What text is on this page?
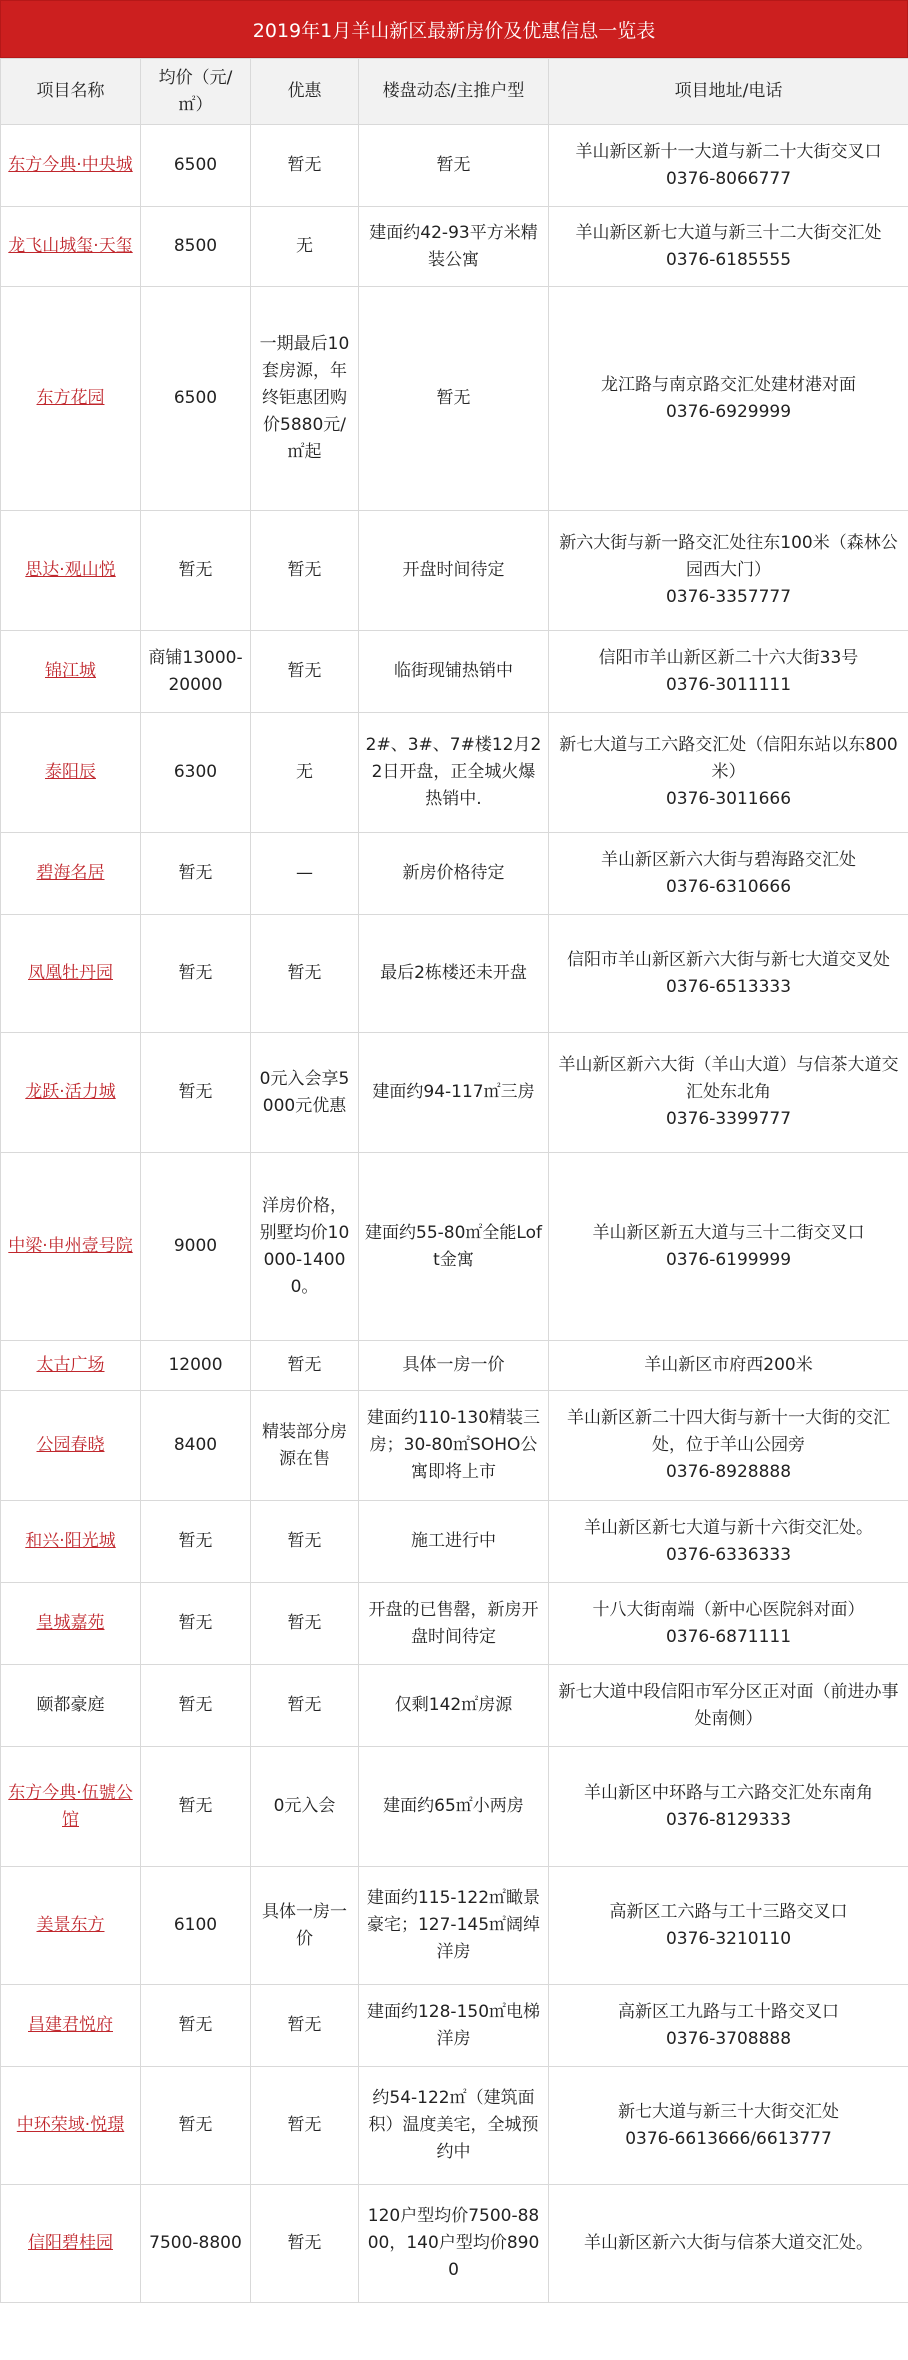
2019年1月羊山新区最新房价及优惠信息一览表
项目名称	均价（元/㎡）	优惠	楼盘动态/主推户型	项目地址/电话
东方今典·中央城	6500	暂无	暂无	羊山新区新十一大道与新二十大街交叉口
0376-8066777

龙飞山城玺·天玺	8500	无	建面约42-93平方米精装公寓	羊山新区新七大道与新三十二大街交汇处
0376-6185555

东方花园	6500	一期最后10套房源，年终钜惠团购价5880元/㎡起	暂无	龙江路与南京路交汇处建材港对面
0376-6929999

思达·观山悦	暂无	暂无	开盘时间待定	新六大街与新一路交汇处往东100米（森林公园西大门）
0376-3357777

锦江城	商铺13000-20000	暂无	临街现铺热销中	信阳市羊山新区新二十六大街33号
0376-3011111

泰阳辰	6300	无	2#、3#、7#楼12月22日开盘，正全城火爆热销中.	新七大道与工六路交汇处（信阳东站以东800米）
0376-3011666

碧海名居	暂无	—	新房价格待定	羊山新区新六大街与碧海路交汇处
0376-6310666

凤凰牡丹园	暂无	暂无	最后2栋楼还未开盘	信阳市羊山新区新六大街与新七大道交叉处
0376-6513333

龙跃·活力城	暂无	0元入会享5000元优惠	建面约94-117㎡三房	羊山新区新六大街（羊山大道）与信茶大道交汇处东北角
0376-3399777

中梁·申州壹号院	9000	洋房价格，别墅均价10000-14000。	建面约55-80㎡全能Loft金寓	羊山新区新五大道与三十二街交叉口
0376-6199999

太古广场	12000	暂无	具体一房一价	羊山新区市府西200米

公园春晓	8400	精装部分房源在售	建面约110-130精装三房；30-80㎡SOHO公寓即将上市	羊山新区新二十四大街与新十一大街的交汇处，位于羊山公园旁
0376-8928888

和兴·阳光城	暂无	暂无	施工进行中	羊山新区新七大道与新十六街交汇处。
0376-6336333

皇城嘉苑	暂无	暂无	开盘的已售罄，新房开盘时间待定	十八大街南端（新中心医院斜对面）
0376-6871111

颐都豪庭	暂无	暂无	仅剩142㎡房源	新七大道中段信阳市军分区正对面（前进办事处南侧）

东方今典·伍號公馆	暂无	0元入会	建面约65㎡小两房	羊山新区中环路与工六路交汇处东南角
0376-8129333

美景东方	6100	具体一房一价	建面约115-122㎡瞰景豪宅；127-145㎡阔绰洋房	高新区工六路与工十三路交叉口
0376-3210110

昌建君悦府	暂无	暂无	建面约128-150㎡电梯洋房	高新区工九路与工十路交叉口
0376-3708888

中环荣域·悦璟	暂无	暂无	约54-122㎡（建筑面积）温度美宅，全城预约中	新七大道与新三十大街交汇处
0376-6613666/6613777

信阳碧桂园	7500-8800	暂无	120户型均价7500-8800，140户型均价8900	羊山新区新六大街与信茶大道交汇处。
